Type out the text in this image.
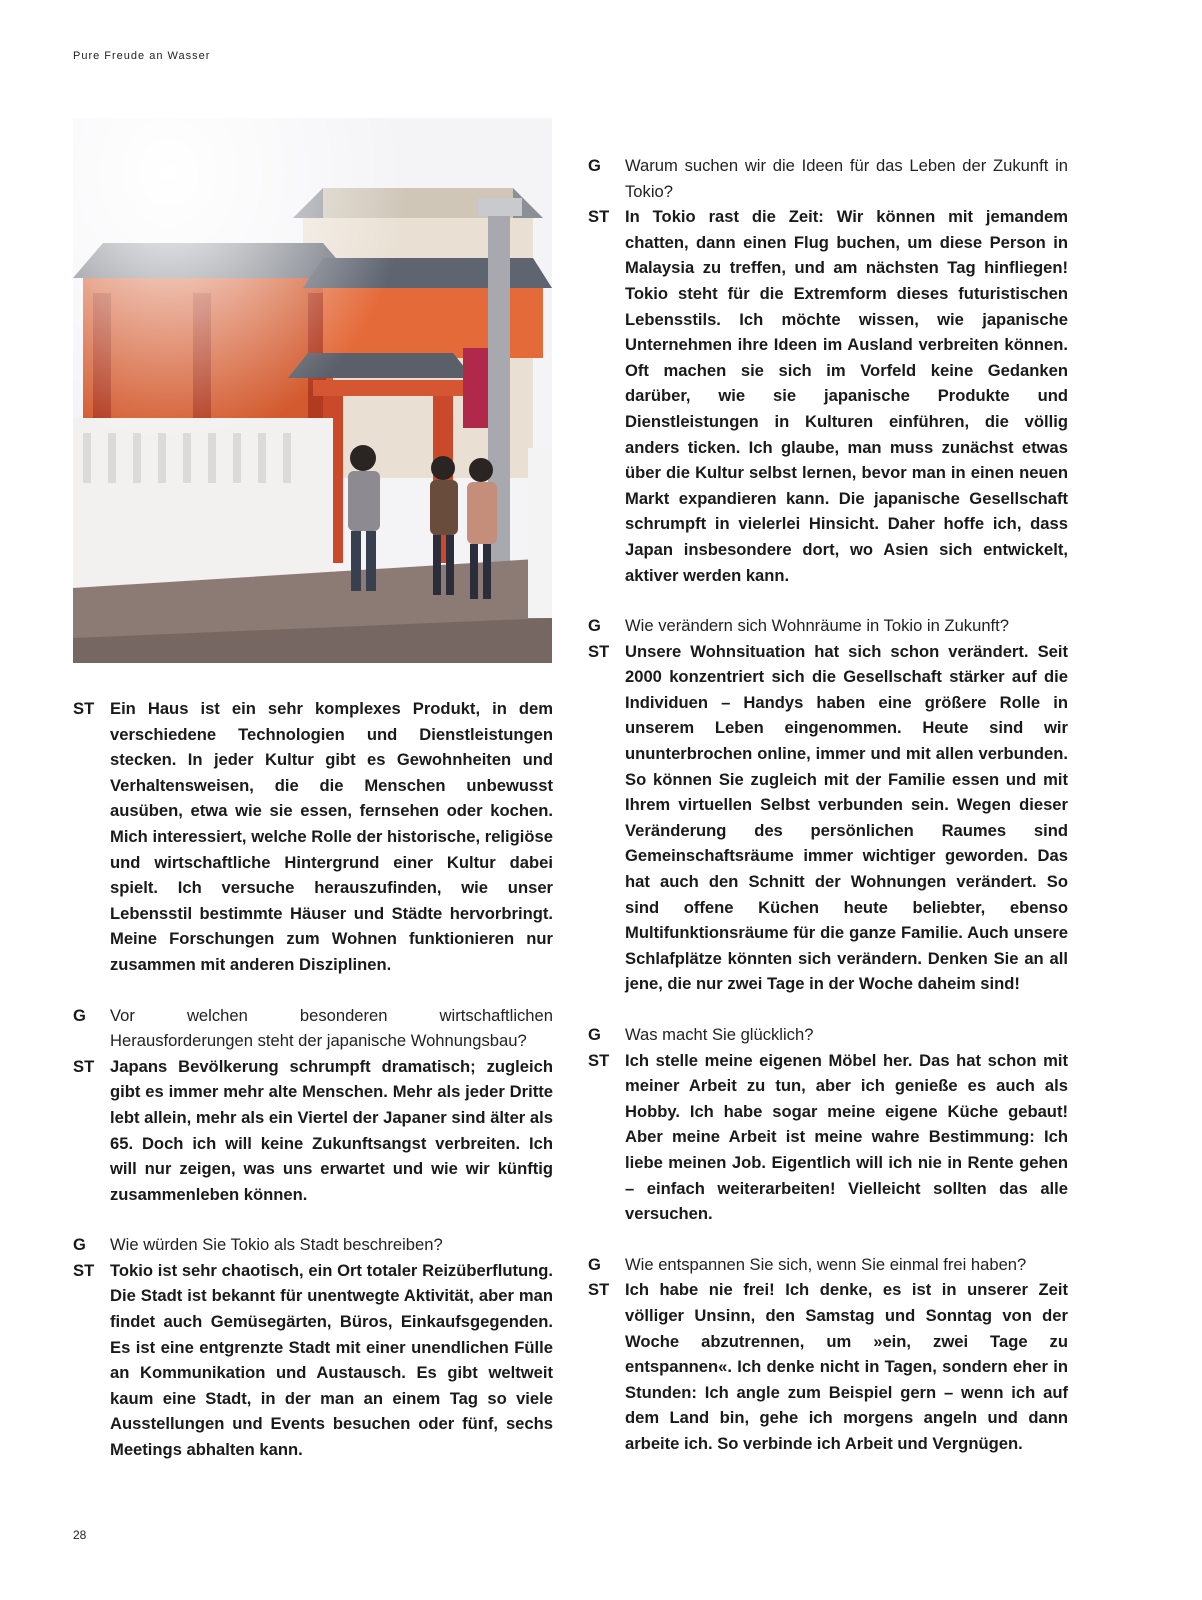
Pure Freude an Wasser
ST Ein Haus ist ein sehr komplexes Produkt, in dem verschiedene Technologien und Dienstleistungen stecken. In jeder Kultur gibt es Gewohnheiten und Verhaltensweisen, die die Menschen unbewusst ausüben, etwa wie sie essen, fernsehen oder kochen. Mich interessiert, welche Rolle der historische, religiöse und wirtschaftliche Hintergrund einer Kultur dabei spielt. Ich versuche herauszufinden, wie unser Lebensstil bestimmte Häuser und Städte hervorbringt. Meine Forschungen zum Wohnen funktionieren nur zusammen mit anderen Disziplinen.
G	Vor welchen besonderen wirtschaftlichen Herausforderungen steht der japanische Wohnungsbau?
ST Japans Bevölkerung schrumpft dramatisch; zugleich gibt es immer mehr alte Menschen. Mehr als jeder Dritte lebt allein, mehr als ein Viertel der Japaner sind älter als 65. Doch ich will keine Zukunftsangst verbreiten. Ich will nur zeigen, was uns erwartet und wie wir künftig zusammenleben können.
G	Wie würden Sie Tokio als Stadt beschreiben?
ST Tokio ist sehr chaotisch, ein Ort totaler Reizüberflutung. Die Stadt ist bekannt für unentwegte Aktivität, aber man findet auch Gemüsegärten, Büros, Einkaufsgegenden. Es ist eine entgrenzte Stadt mit einer unendlichen Fülle an Kommunikation und Austausch. Es gibt weltweit kaum eine Stadt, in der man an einem Tag so viele Ausstellungen und Events besuchen oder fünf, sechs Meetings abhalten kann.
G	Warum suchen wir die Ideen für das Leben der Zukunft in Tokio?
ST In Tokio rast die Zeit: Wir können mit jemandem chatten, dann einen Flug buchen, um diese Person in Malaysia zu treffen, und am nächsten Tag hinfliegen! Tokio steht für die Extremform dieses futuristischen Lebensstils. Ich möchte wissen, wie japanische Unternehmen ihre Ideen im Ausland verbreiten können. Oft machen sie sich im Vorfeld keine Gedanken darüber, wie sie japanische Produkte und Dienstleistungen in Kulturen einführen, die völlig anders ticken. Ich glaube, man muss zunächst etwas über die Kultur selbst lernen, bevor man in einen neuen Markt expandieren kann. Die japanische Gesellschaft schrumpft in vielerlei Hinsicht. Daher hoffe ich, dass Japan insbesondere dort, wo Asien sich entwickelt, aktiver werden kann.
G	Wie verändern sich Wohnräume in Tokio in Zukunft?
ST Unsere Wohnsituation hat sich schon verändert. Seit 2000 konzentriert sich die Gesellschaft stärker auf die Individuen – Handys haben eine größere Rolle in unserem Leben eingenommen. Heute sind wir ununterbrochen online, immer und mit allen verbunden. So können Sie zugleich mit der Familie essen und mit Ihrem virtuellen Selbst verbunden sein. Wegen dieser Veränderung des persönlichen Raumes sind Gemeinschaftsräume immer wichtiger geworden. Das hat auch den Schnitt der Wohnungen verändert. So sind offene Küchen heute beliebter, ebenso Multifunktionsräume für die ganze Familie. Auch unsere Schlafplätze könnten sich verändern. Denken Sie an all jene, die nur zwei Tage in der Woche daheim sind!
G	Was macht Sie glücklich?
ST Ich stelle meine eigenen Möbel her. Das hat schon mit meiner Arbeit zu tun, aber ich genieße es auch als Hobby. Ich habe sogar meine eigene Küche gebaut! Aber meine Arbeit ist meine wahre Bestimmung: Ich liebe meinen Job. Eigentlich will ich nie in Rente gehen – einfach weiterarbeiten! Vielleicht sollten das alle versuchen.
G	Wie entspannen Sie sich, wenn Sie einmal frei haben?
ST Ich habe nie frei! Ich denke, es ist in unserer Zeit völliger Unsinn, den Samstag und Sonntag von der Woche abzutrennen, um »ein, zwei Tage zu entspannen«. Ich denke nicht in Tagen, sondern eher in Stunden: Ich angle zum Beispiel gern – wenn ich auf dem Land bin, gehe ich morgens angeln und dann arbeite ich. So verbinde ich Arbeit und Vergnügen.
28
